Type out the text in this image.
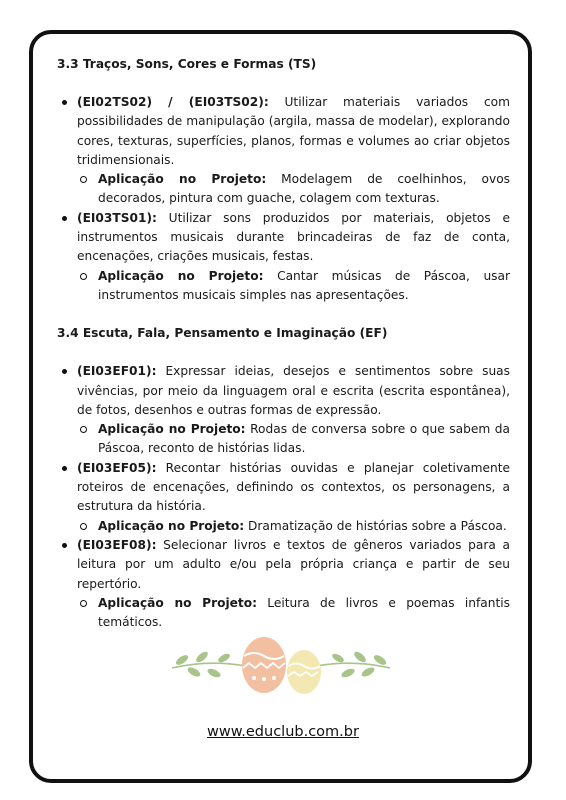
3.3 Traços, Sons, Cores e Formas (TS)
(EI02TS02) / (EI03TS02): Utilizar materiais variados com possibilidades de manipulação (argila, massa de modelar), explorando cores, texturas, superfícies, planos, formas e volumes ao criar objetos tridimensionais.
Aplicação no Projeto: Modelagem de coelhinhos, ovos decorados, pintura com guache, colagem com texturas.
(EI03TS01): Utilizar sons produzidos por materiais, objetos e instrumentos musicais durante brincadeiras de faz de conta, encenações, criações musicais, festas.
Aplicação no Projeto: Cantar músicas de Páscoa, usar instrumentos musicais simples nas apresentações.
3.4 Escuta, Fala, Pensamento e Imaginação (EF)
(EI03EF01): Expressar ideias, desejos e sentimentos sobre suas vivências, por meio da linguagem oral e escrita (escrita espontânea), de fotos, desenhos e outras formas de expressão.
Aplicação no Projeto: Rodas de conversa sobre o que sabem da Páscoa, reconto de histórias lidas.
(EI03EF05): Recontar histórias ouvidas e planejar coletivamente roteiros de encenações, definindo os contextos, os personagens, a estrutura da história.
Aplicação no Projeto: Dramatização de histórias sobre a Páscoa.
(EI03EF08): Selecionar livros e textos de gêneros variados para a leitura por um adulto e/ou pela própria criança e partir de seu repertório.
Aplicação no Projeto: Leitura de livros e poemas infantis temáticos.
www.educlub.com.br
